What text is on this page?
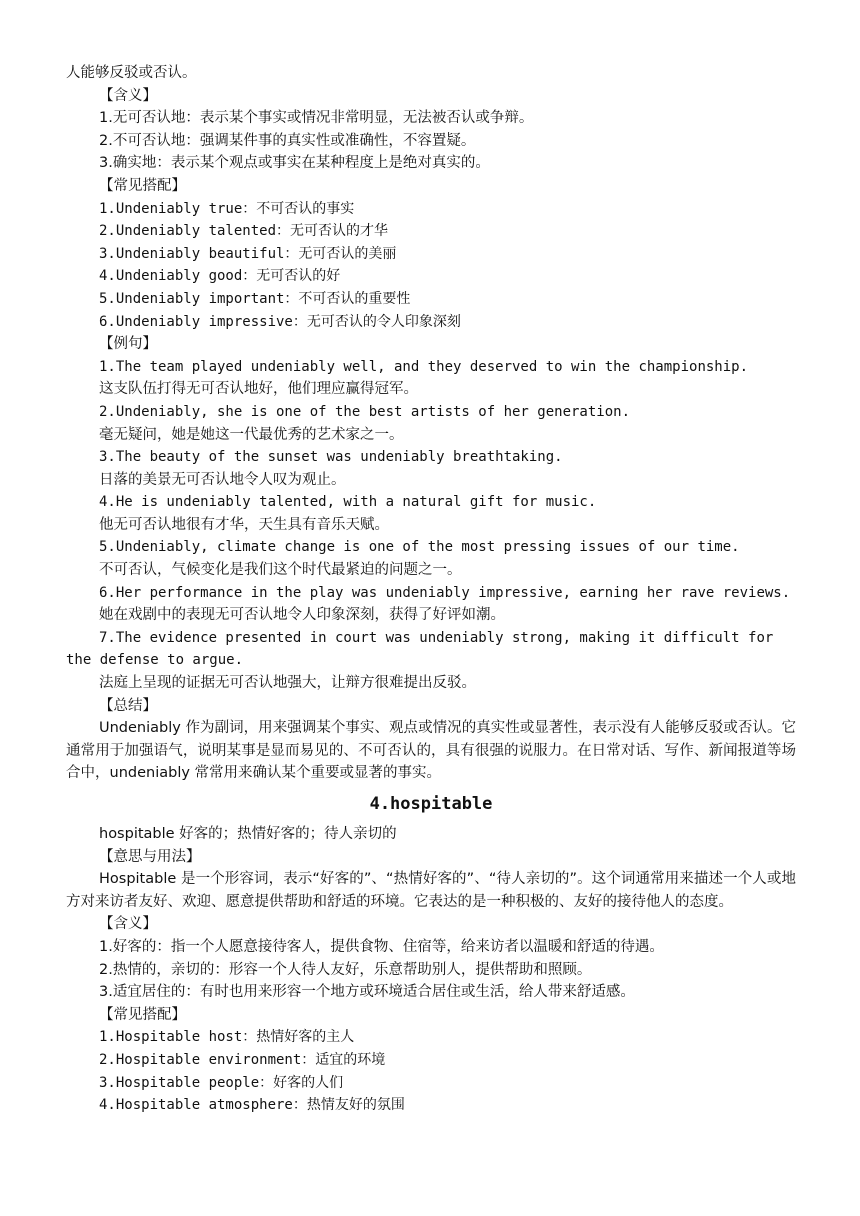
人能够反驳或否认。
【含义】
1.无可否认地：表示某个事实或情况非常明显，无法被否认或争辩。
2.不可否认地：强调某件事的真实性或准确性，不容置疑。
3.确实地：表示某个观点或事实在某种程度上是绝对真实的。
【常见搭配】
1.Undeniably true：不可否认的事实
2.Undeniably talented：无可否认的才华
3.Undeniably beautiful：无可否认的美丽
4.Undeniably good：无可否认的好
5.Undeniably important：不可否认的重要性
6.Undeniably impressive：无可否认的令人印象深刻
【例句】
1.The team played undeniably well, and they deserved to win the championship.
这支队伍打得无可否认地好，他们理应赢得冠军。
2.Undeniably, she is one of the best artists of her generation.
毫无疑问，她是她这一代最优秀的艺术家之一。
3.The beauty of the sunset was undeniably breathtaking.
日落的美景无可否认地令人叹为观止。
4.He is undeniably talented, with a natural gift for music.
他无可否认地很有才华，天生具有音乐天赋。
5.Undeniably, climate change is one of the most pressing issues of our time.
不可否认，气候变化是我们这个时代最紧迫的问题之一。
6.Her performance in the play was undeniably impressive, earning her rave reviews.
她在戏剧中的表现无可否认地令人印象深刻，获得了好评如潮。
7.The evidence presented in court was undeniably strong, making it difficult for the defense to argue.
法庭上呈现的证据无可否认地强大，让辩方很难提出反驳。
【总结】
Undeniably 作为副词，用来强调某个事实、观点或情况的真实性或显著性，表示没有人能够反驳或否认。它通常用于加强语气，说明某事是显而易见的、不可否认的，具有很强的说服力。在日常对话、写作、新闻报道等场合中，undeniably 常常用来确认某个重要或显著的事实。
4.hospitable
hospitable 好客的；热情好客的；待人亲切的
【意思与用法】
Hospitable 是一个形容词，表示“好客的”、“热情好客的”、“待人亲切的”。这个词通常用来描述一个人或地方对来访者友好、欢迎、愿意提供帮助和舒适的环境。它表达的是一种积极的、友好的接待他人的态度。
【含义】
1.好客的：指一个人愿意接待客人，提供食物、住宿等，给来访者以温暖和舒适的待遇。
2.热情的，亲切的：形容一个人待人友好，乐意帮助别人，提供帮助和照顾。
3.适宜居住的：有时也用来形容一个地方或环境适合居住或生活，给人带来舒适感。
【常见搭配】
1.Hospitable host：热情好客的主人
2.Hospitable environment：适宜的环境
3.Hospitable people：好客的人们
4.Hospitable atmosphere：热情友好的氛围
